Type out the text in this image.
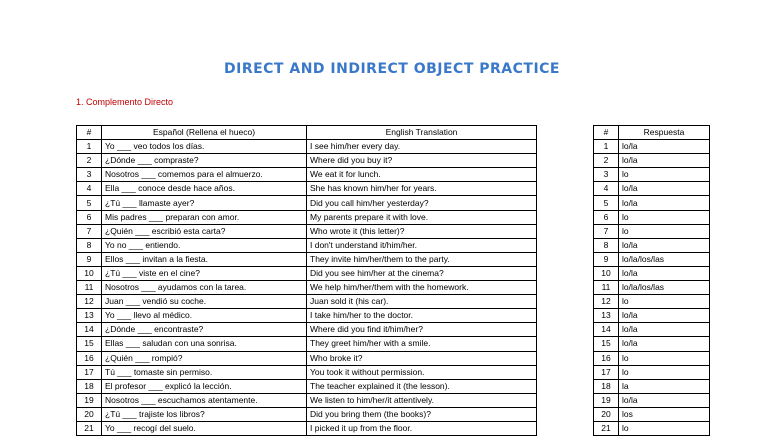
DIRECT AND INDIRECT OBJECT PRACTICE
1. Complemento Directo
#	Español (Rellena el hueco)	English Translation
1	Yo ___ veo todos los días.	I see him/her every day.
2	¿Dónde ___ compraste?	Where did you buy it?
3	Nosotros ___ comemos para el almuerzo.	We eat it for lunch.
4	Ella ___ conoce desde hace años.	She has known him/her for years.
5	¿Tú ___ llamaste ayer?	Did you call him/her yesterday?
6	Mis padres ___ preparan con amor.	My parents prepare it with love.
7	¿Quién ___ escribió esta carta?	Who wrote it (this letter)?
8	Yo no ___ entiendo.	I don't understand it/him/her.
9	Ellos ___ invitan a la fiesta.	They invite him/her/them to the party.
10	¿Tú ___ viste en el cine?	Did you see him/her at the cinema?
11	Nosotros ___ ayudamos con la tarea.	We help him/her/them with the homework.
12	Juan ___ vendió su coche.	Juan sold it (his car).
13	Yo ___ llevo al médico.	I take him/her to the doctor.
14	¿Dónde ___ encontraste?	Where did you find it/him/her?
15	Ellas ___ saludan con una sonrisa.	They greet him/her with a smile.
16	¿Quién ___ rompió?	Who broke it?
17	Tú ___ tomaste sin permiso.	You took it without permission.
18	El profesor ___ explicó la lección.	The teacher explained it (the lesson).
19	Nosotros ___ escuchamos atentamente.	We listen to him/her/it attentively.
20	¿Tú ___ trajiste los libros?	Did you bring them (the books)?
21	Yo ___ recogí del suelo.	I picked it up from the floor.
#	Respuesta
1	lo/la
2	lo/la
3	lo
4	lo/la
5	lo/la
6	lo
7	lo
8	lo/la
9	lo/la/los/las
10	lo/la
11	lo/la/los/las
12	lo
13	lo/la
14	lo/la
15	lo/la
16	lo
17	lo
18	la
19	lo/la
20	los
21	lo
